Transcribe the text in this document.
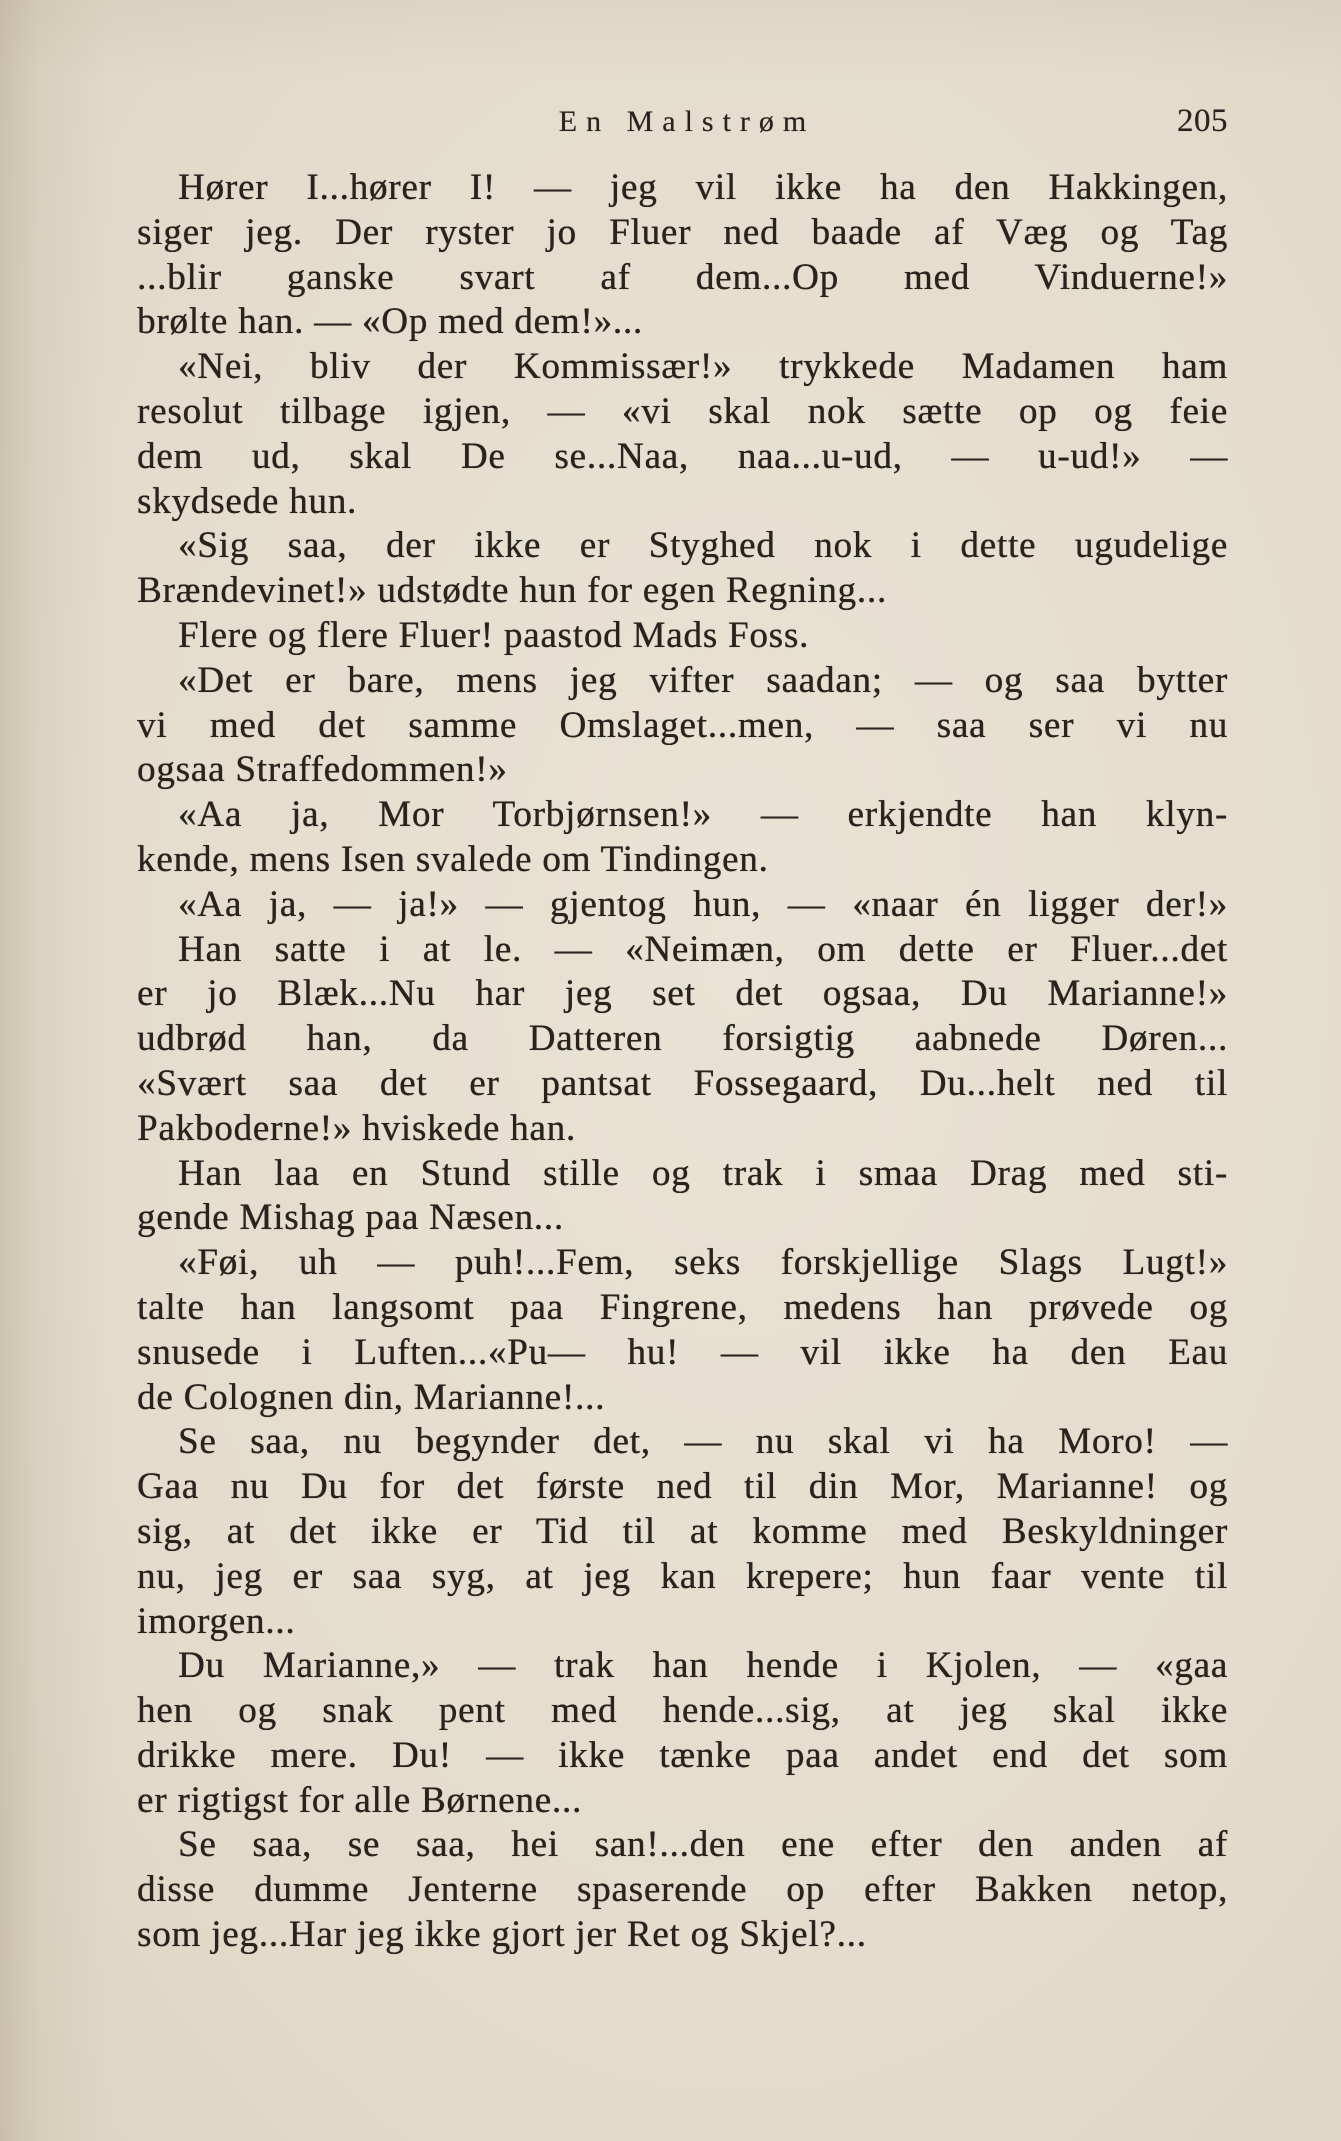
En Malstrøm	205
Hører I...hører I! — jeg vil ikke ha den Hakkingen,
siger jeg. Der ryster jo Fluer ned baade af Væg og Tag
...blir ganske svart af dem...Op med Vinduerne!»
brølte han. — «Op med dem!»...
«Nei, bliv der Kommissær!» trykkede Madamen ham
resolut tilbage igjen, — «vi skal nok sætte op og feie
dem ud, skal De se...Naa, naa...u-ud, — u-ud!» —
skydsede hun.
«Sig saa, der ikke er Styghed nok i dette ugudelige
Brændevinet!» udstødte hun for egen Regning...
Flere og flere Fluer! paastod Mads Foss.
«Det er bare, mens jeg vifter saadan; — og saa bytter
vi med det samme Omslaget...men, — saa ser vi nu
ogsaa Straffedommen!»
«Aa ja, Mor Torbjørnsen!» — erkjendte han klyn-
kende, mens Isen svalede om Tindingen.
«Aa ja, — ja!» — gjentog hun, — «naar én ligger der!»
Han satte i at le. — «Neimæn, om dette er Fluer...det
er jo Blæk...Nu har jeg set det ogsaa, Du Marianne!»
udbrød han, da Datteren forsigtig aabnede Døren...
«Svært saa det er pantsat Fossegaard, Du...helt ned til
Pakboderne!» hviskede han.
Han laa en Stund stille og trak i smaa Drag med sti-
gende Mishag paa Næsen...
«Føi, uh — puh!...Fem, seks forskjellige Slags Lugt!»
talte han langsomt paa Fingrene, medens han prøvede og
snusede i Luften...«Pu— hu! — vil ikke ha den Eau
de Colognen din, Marianne!...
Se saa, nu begynder det, — nu skal vi ha Moro! —
Gaa nu Du for det første ned til din Mor, Marianne! og
sig, at det ikke er Tid til at komme med Beskyldninger
nu, jeg er saa syg, at jeg kan krepere; hun faar vente til
imorgen...
Du Marianne,» — trak han hende i Kjolen, — «gaa
hen og snak pent med hende...sig, at jeg skal ikke
drikke mere. Du! — ikke tænke paa andet end det som
er rigtigst for alle Børnene...
Se saa, se saa, hei san!...den ene efter den anden af
disse dumme Jenterne spaserende op efter Bakken netop,
som jeg...Har jeg ikke gjort jer Ret og Skjel?...
